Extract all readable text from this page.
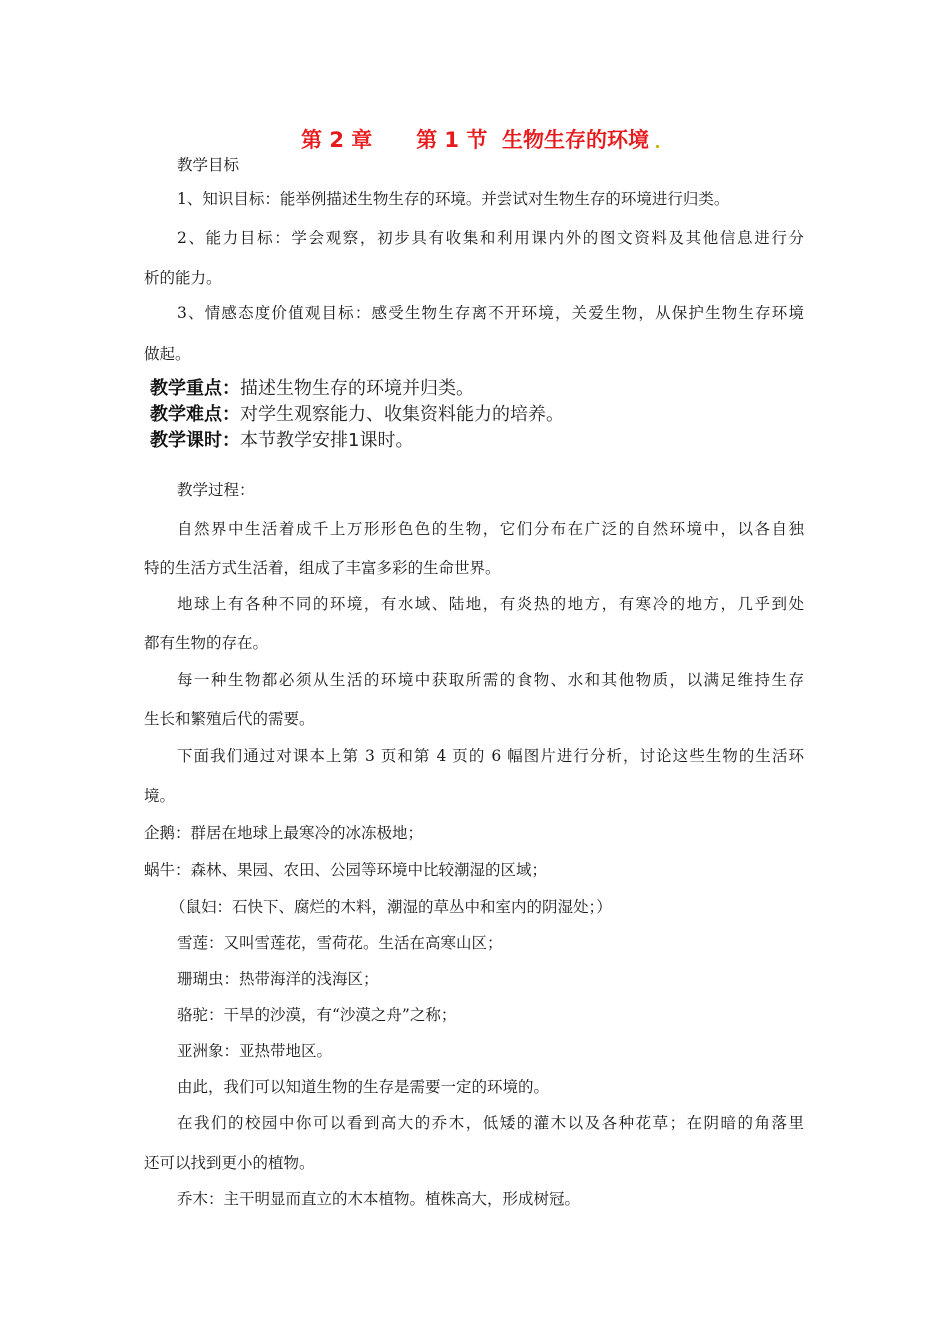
第 2 章      第 1 节  生物生存的环境
教学目标
1、知识目标：能举例描述生物生存的环境。并尝试对生物生存的环境进行归类。
2、能力目标：学会观察，初步具有收集和利用课内外的图文资料及其他信息进行分
析的能力。
3、情感态度价值观目标：感受生物生存离不开环境，关爱生物，从保护生物生存环境
做起。
教学重点：描述生物生存的环境并归类。
教学难点：对学生观察能力、收集资料能力的培养。
教学课时：本节教学安排1课时。
教学过程：
自然界中生活着成千上万形形色色的生物，它们分布在广泛的自然环境中，以各自独
特的生活方式生活着，组成了丰富多彩的生命世界。
地球上有各种不同的环境，有水域、陆地，有炎热的地方，有寒冷的地方，几乎到处
都有生物的存在。
每一种生物都必须从生活的环境中获取所需的食物、水和其他物质，以满足维持生存
生长和繁殖后代的需要。
下面我们通过对课本上第 3 页和第 4 页的 6 幅图片进行分析，讨论这些生物的生活环
境。
企鹅：群居在地球上最寒冷的冰冻极地；
蜗牛：森林、果园、农田、公园等环境中比较潮湿的区域；
（鼠妇：石快下、腐烂的木料，潮湿的草丛中和室内的阴湿处；）
雪莲：又叫雪莲花，雪荷花。生活在高寒山区；
珊瑚虫：热带海洋的浅海区；
骆驼：干旱的沙漠，有“沙漠之舟”之称；
亚洲象：亚热带地区。
由此，我们可以知道生物的生存是需要一定的环境的。
在我们的校园中你可以看到高大的乔木，低矮的灌木以及各种花草；在阴暗的角落里
还可以找到更小的植物。
乔木：主干明显而直立的木本植物。植株高大，形成树冠。
